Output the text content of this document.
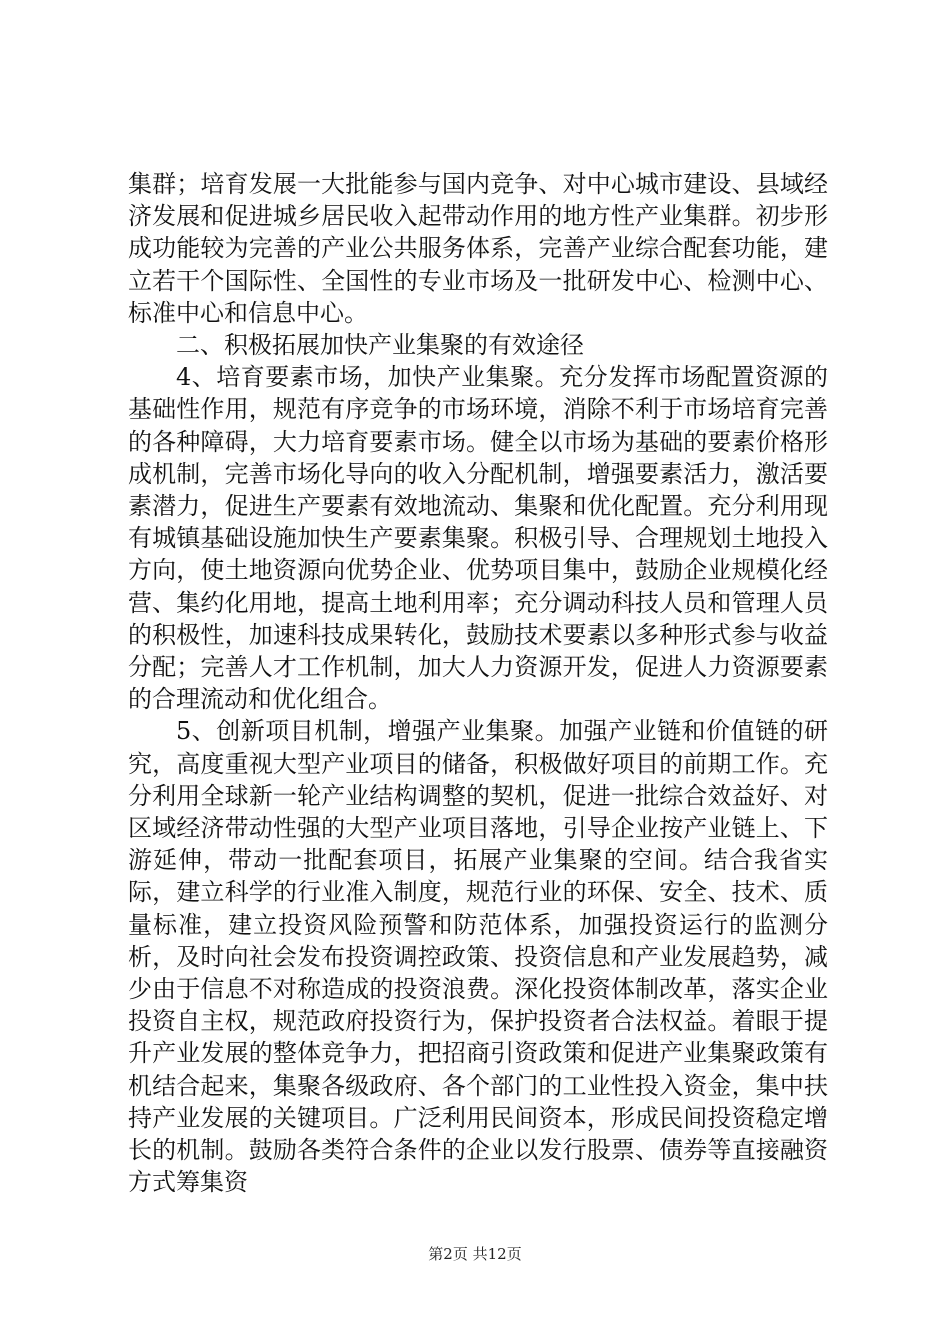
集群；培育发展一大批能参与国内竞争、对中心城市建设、县域经济发展和促进城乡居民收入起带动作用的地方性产业集群。初步形成功能较为完善的产业公共服务体系，完善产业综合配套功能，建立若干个国际性、全国性的专业市场及一批研发中心、检测中心、标准中心和信息中心。

二、积极拓展加快产业集聚的有效途径

4、培育要素市场，加快产业集聚。充分发挥市场配置资源的基础性作用，规范有序竞争的市场环境，消除不利于市场培育完善的各种障碍，大力培育要素市场。健全以市场为基础的要素价格形成机制，完善市场化导向的收入分配机制，增强要素活力，激活要素潜力，促进生产要素有效地流动、集聚和优化配置。充分利用现有城镇基础设施加快生产要素集聚。积极引导、合理规划土地投入方向，使土地资源向优势企业、优势项目集中，鼓励企业规模化经营、集约化用地，提高土地利用率；充分调动科技人员和管理人员的积极性，加速科技成果转化，鼓励技术要素以多种形式参与收益分配；完善人才工作机制，加大人力资源开发，促进人力资源要素的合理流动和优化组合。

5、创新项目机制，增强产业集聚。加强产业链和价值链的研究，高度重视大型产业项目的储备，积极做好项目的前期工作。充分利用全球新一轮产业结构调整的契机，促进一批综合效益好、对区域经济带动性强的大型产业项目落地，引导企业按产业链上、下游延伸，带动一批配套项目，拓展产业集聚的空间。结合我省实际，建立科学的行业准入制度，规范行业的环保、安全、技术、质量标准，建立投资风险预警和防范体系，加强投资运行的监测分析，及时向社会发布投资调控政策、投资信息和产业发展趋势，减少由于信息不对称造成的投资浪费。深化投资体制改革，落实企业投资自主权，规范政府投资行为，保护投资者合法权益。着眼于提升产业发展的整体竞争力，把招商引资政策和促进产业集聚政策有机结合起来，集聚各级政府、各个部门的工业性投入资金，集中扶持产业发展的关键项目。广泛利用民间资本，形成民间投资稳定增长的机制。鼓励各类符合条件的企业以发行股票、债券等直接融资方式筹集资

第2页 共12页
